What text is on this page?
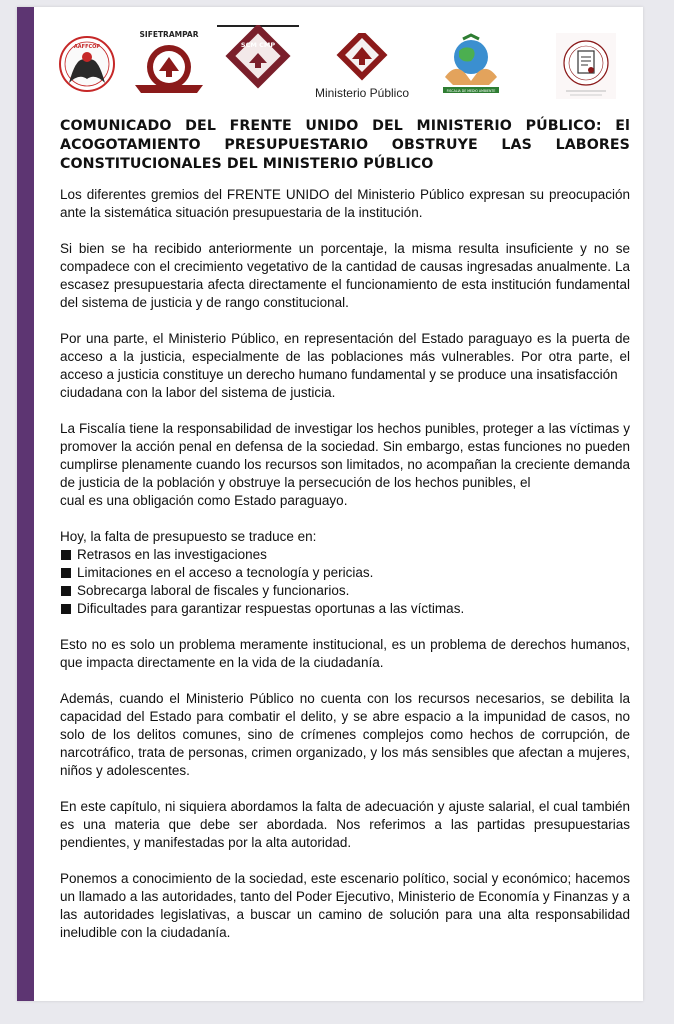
AAFFCOP
SIFETRAMPAR
SCM CMP
Ministerio Público	FISCALIA DE MEDIO AMBIENTE
COMUNICADO DEL FRENTE UNIDO DEL MINISTERIO PÚBLICO: El ACOGOTAMIENTO PRESUPUESTARIO OBSTRUYE LAS LABORES CONSTITUCIONALES DEL MINISTERIO PÚBLICO

Los diferentes gremios del FRENTE UNIDO del Ministerio Público expresan su preocupación ante la sistemática situación presupuestaria de la institución.

Si bien se ha recibido anteriormente un porcentaje, la misma resulta insuficiente y no se compadece con el crecimiento vegetativo de la cantidad de causas ingresadas anualmente. La escasez presupuestaria afecta directamente el funcionamiento de esta institución fundamental del sistema de justicia y de rango constitucional.

Por una parte, el Ministerio Público, en representación del Estado paraguayo es la puerta de acceso a la justicia, especialmente de las poblaciones más vulnerables. Por otra parte, el acceso a justicia constituye un derecho humano fundamental y se produce una insatisfacción
ciudadana con la labor del sistema de justicia.
La Fiscalía tiene la responsabilidad de investigar los hechos punibles, proteger a las víctimas y promover la acción penal en defensa de la sociedad. Sin embargo, estas funciones no pueden cumplirse plenamente cuando los recursos son limitados, no acompañan la creciente demanda de justicia de la población y obstruye la persecución de los hechos punibles, el
cual es una obligación como Estado paraguayo.

Hoy, la falta de presupuesto se traduce en:

Retrasos en las investigaciones
Limitaciones en el acceso a tecnología y pericias.
Sobrecarga laboral de fiscales y funcionarios.
Dificultades para garantizar respuestas oportunas a las víctimas.

Esto no es solo un problema meramente institucional, es un problema de derechos humanos, que impacta directamente en la vida de la ciudadanía.

Además, cuando el Ministerio Público no cuenta con los recursos necesarios, se debilita la capacidad del Estado para combatir el delito, y se abre espacio a la impunidad de casos, no solo de los delitos comunes, sino de crímenes complejos como hechos de corrupción, de narcotráfico, trata de personas, crimen organizado, y los más sensibles que afectan a mujeres, niños y adolescentes.

En este capítulo, ni siquiera abordamos la falta de adecuación y ajuste salarial, el cual también es una materia que debe ser abordada. Nos referimos a las partidas presupuestarias pendientes, y manifestadas por la alta autoridad.

Ponemos a conocimiento de la sociedad, este escenario político, social y económico; hacemos un llamado a las autoridades, tanto del Poder Ejecutivo, Ministerio de Economía y Finanzas y a las autoridades legislativas, a buscar un camino de solución para una alta responsabilidad ineludible con la ciudadanía.
